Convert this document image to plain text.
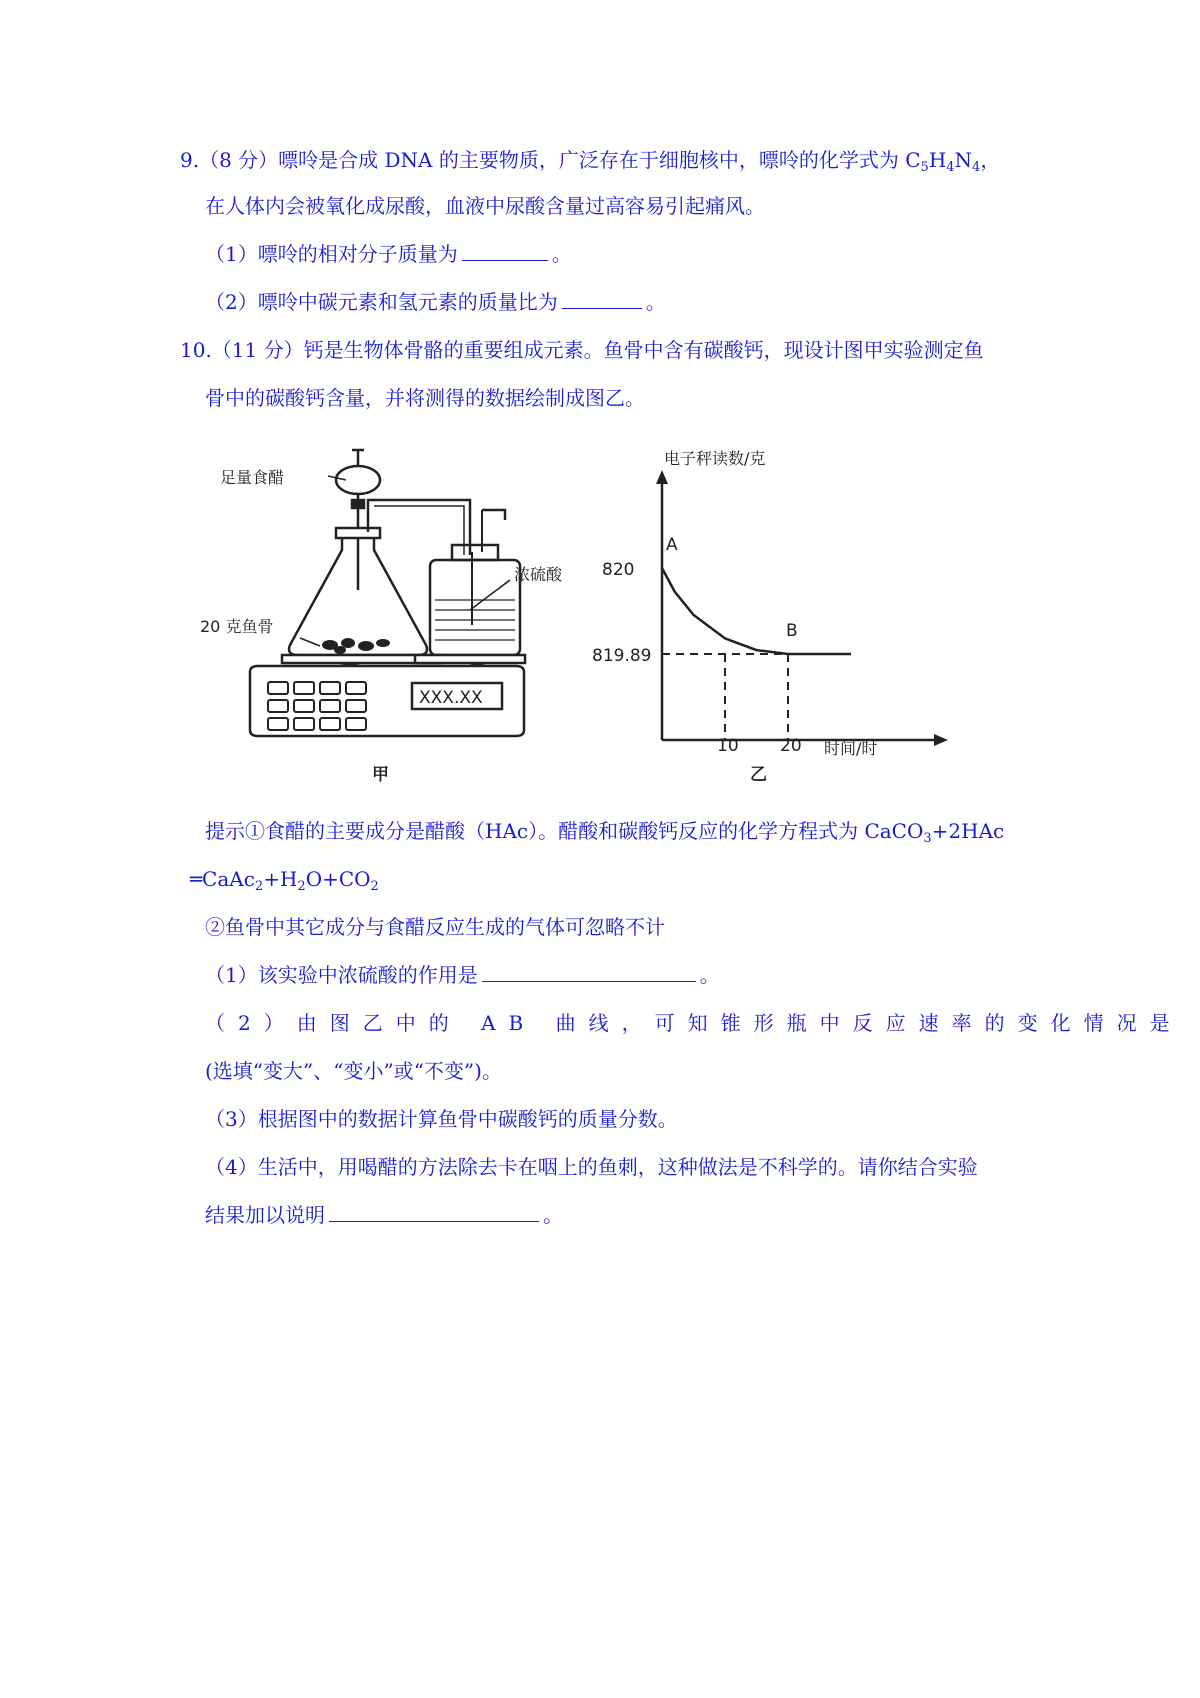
9.（8 分）嘌呤是合成 DNA 的主要物质，广泛存在于细胞核中，嘌呤的化学式为 $C_5H_4N_4$，
在人体内会被氧化成尿酸，血液中尿酸含量过高容易引起痛风。
（1）嘌呤的相对分子质量为	。
（2）嘌呤中碳元素和氢元素的质量比为	。
10.（11 分）钙是生物体骨骼的重要组成元素。鱼骨中含有碳酸钙，现设计图甲实验测定鱼
骨中的碳酸钙含量，并将测得的数据绘制成图乙。
足量食醋
20 克鱼骨
浓硫酸
XXX.XX
甲
电子秤读数/克
时间/时
820
819.89
10 20
A
B
乙
提示①食醋的主要成分是醋酸（HAc）。醋酸和碳酸钙反应的化学方程式为 CaCO$_3$+2HAc
$═CaAc_2+H_2O+CO_2$
②鱼骨中其它成分与食醋反应生成的气体可忽略不计
（1）该实验中浓硫酸的作用是	。
（2）由图乙中的 AB 曲线，可知锥形瓶中反应速率的变化情况是
(选填“变大”、“变小”或“不变”)。
（3）根据图中的数据计算鱼骨中碳酸钙的质量分数。
（4）生活中，用喝醋的方法除去卡在咽上的鱼刺，这种做法是不科学的。请你结合实验
结果加以说明	。
